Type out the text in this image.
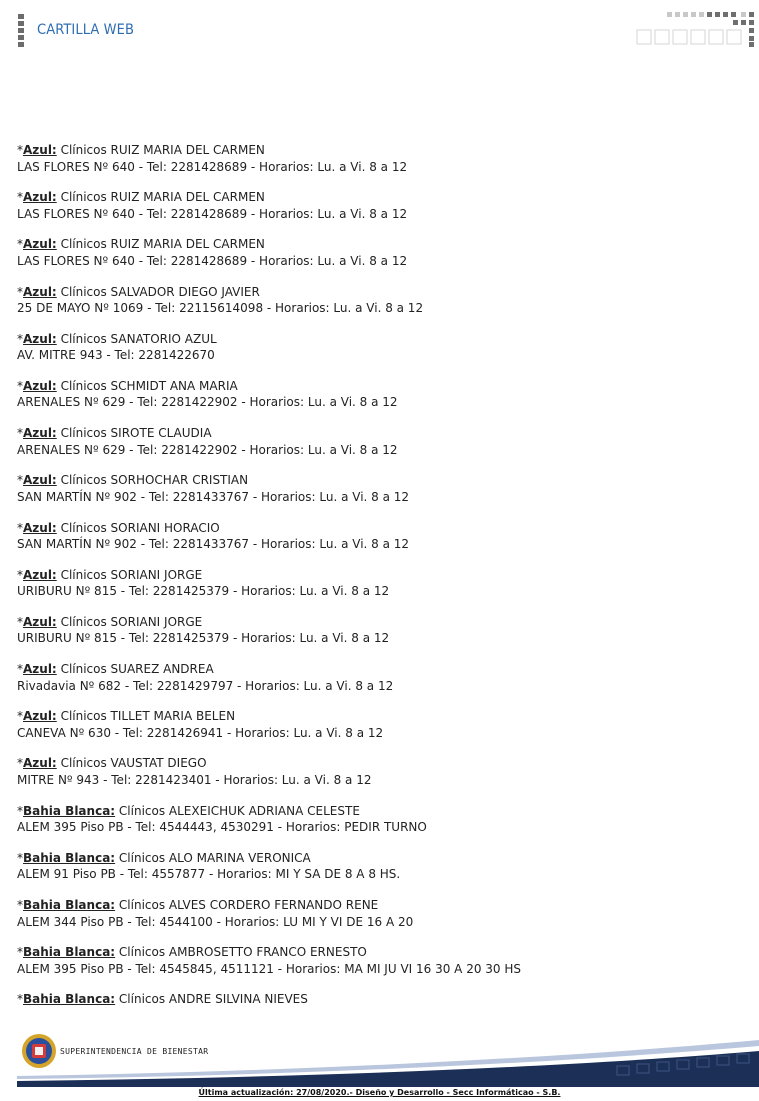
CARTILLA WEB
*Azul: Clínicos RUIZ MARIA DEL CARMEN
LAS FLORES Nº 640 - Tel: 2281428689 - Horarios: Lu. a Vi. 8 a 12
*Azul: Clínicos RUIZ MARIA DEL CARMEN
LAS FLORES Nº 640 - Tel: 2281428689 - Horarios: Lu. a Vi. 8 a 12
*Azul: Clínicos RUIZ MARIA DEL CARMEN
LAS FLORES Nº 640 - Tel: 2281428689 - Horarios: Lu. a Vi. 8 a 12
*Azul: Clínicos SALVADOR DIEGO JAVIER
25 DE MAYO Nº 1069 - Tel: 22115614098 - Horarios: Lu. a Vi. 8 a 12
*Azul: Clínicos SANATORIO AZUL
AV. MITRE 943 - Tel: 2281422670
*Azul: Clínicos SCHMIDT ANA MARIA
ARENALES Nº 629 - Tel: 2281422902 - Horarios: Lu. a Vi. 8 a 12
*Azul: Clínicos SIROTE CLAUDIA
ARENALES Nº 629 - Tel: 2281422902 - Horarios: Lu. a Vi. 8 a 12
*Azul: Clínicos SORHOCHAR CRISTIAN
SAN MARTÍN Nº 902 - Tel: 2281433767 - Horarios: Lu. a Vi. 8 a 12
*Azul: Clínicos SORIANI HORACIO
SAN MARTÍN Nº 902 - Tel: 2281433767 - Horarios: Lu. a Vi. 8 a 12
*Azul: Clínicos SORIANI JORGE
URIBURU Nº 815 - Tel: 2281425379 - Horarios: Lu. a Vi. 8 a 12
*Azul: Clínicos SORIANI JORGE
URIBURU Nº 815 - Tel: 2281425379 - Horarios: Lu. a Vi. 8 a 12
*Azul: Clínicos SUAREZ ANDREA
Rivadavia Nº 682 - Tel: 2281429797 - Horarios: Lu. a Vi. 8 a 12
*Azul: Clínicos TILLET MARIA BELEN
CANEVA Nº 630 - Tel: 2281426941 - Horarios: Lu. a Vi. 8 a 12
*Azul: Clínicos VAUSTAT DIEGO
MITRE Nº 943 - Tel: 2281423401 - Horarios: Lu. a Vi. 8 a 12
*Bahia Blanca: Clínicos ALEXEICHUK ADRIANA CELESTE
ALEM 395 Piso PB - Tel: 4544443, 4530291 - Horarios: PEDIR TURNO
*Bahia Blanca: Clínicos ALO MARINA VERONICA
ALEM 91 Piso PB - Tel: 4557877 - Horarios: MI Y SA DE 8 A 8 HS.
*Bahia Blanca: Clínicos ALVES CORDERO FERNANDO RENE
ALEM 344 Piso PB - Tel: 4544100 - Horarios: LU MI Y VI DE 16 A 20
*Bahia Blanca: Clínicos AMBROSETTO FRANCO ERNESTO
ALEM 395 Piso PB - Tel: 4545845, 4511121 - Horarios: MA MI JU VI 16 30 A 20 30 HS
*Bahia Blanca: Clínicos ANDRE SILVINA NIEVES
SUPERINTENDENCIA DE BIENESTAR
Última actualización: 27/08/2020.- Diseño y Desarrollo - Secc Informáticao - S.B.
